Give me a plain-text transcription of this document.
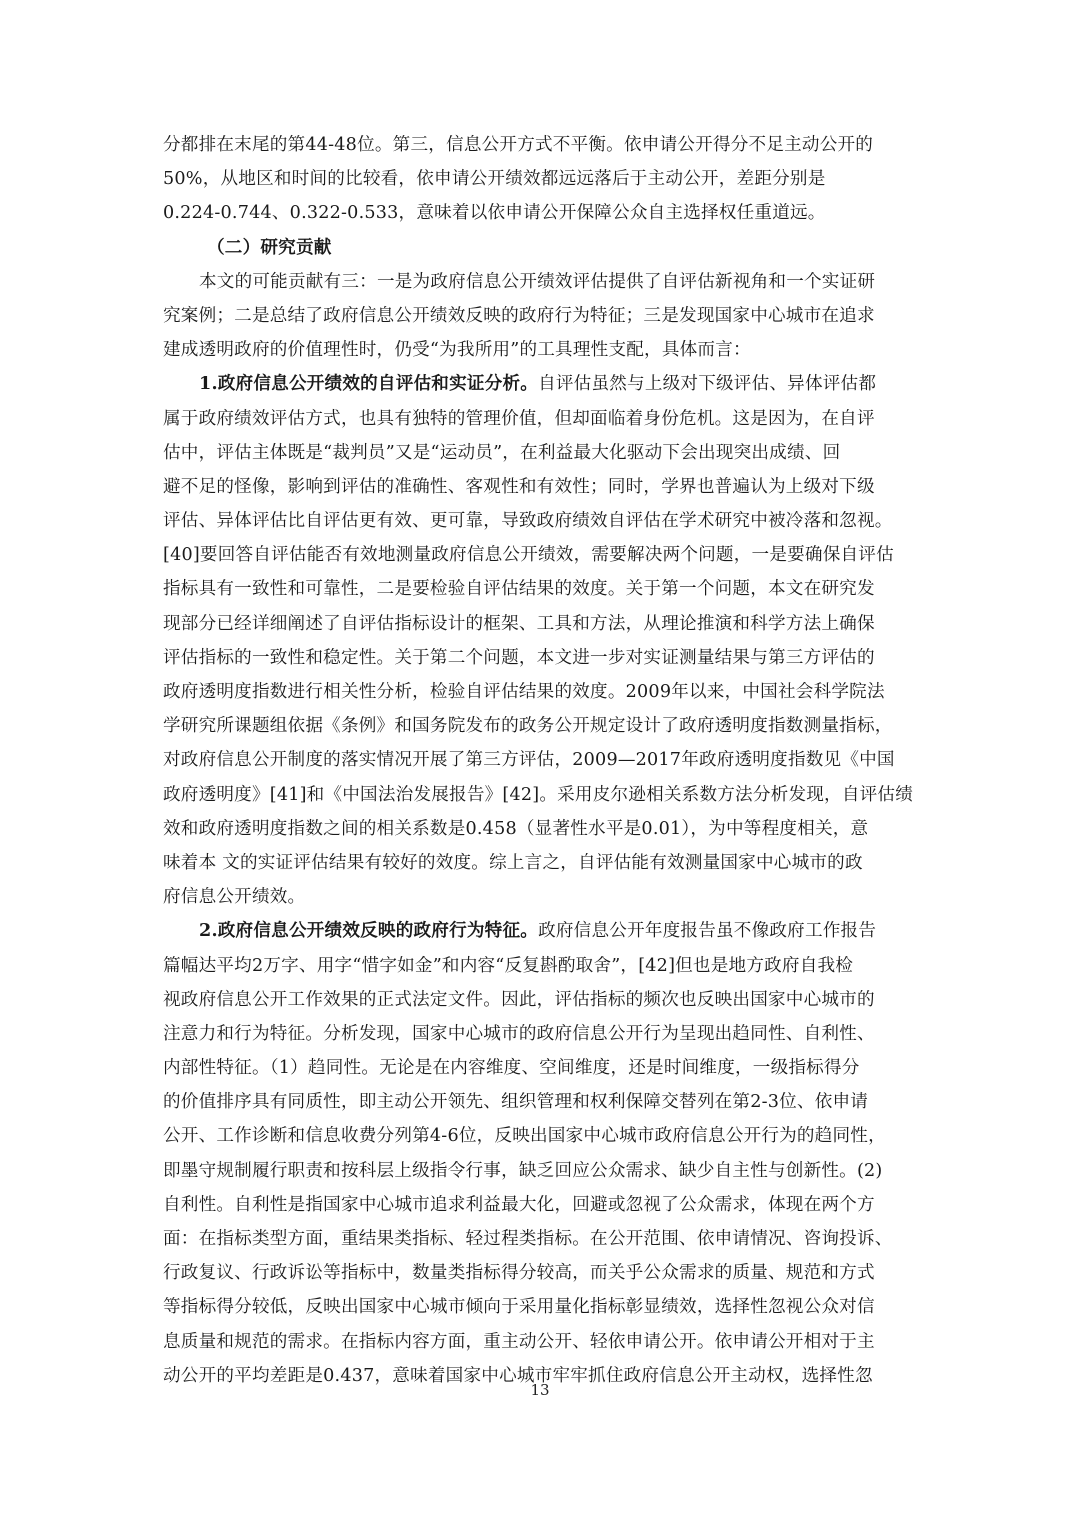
分都排在末尾的第44-48位。第三，信息公开方式不平衡。依申请公开得分不足主动公开的
50%，从地区和时间的比较看，依申请公开绩效都远远落后于主动公开，差距分别是
0.224-0.744、0.322-0.533，意味着以依申请公开保障公众自主选择权任重道远。
（二）研究贡献
本文的可能贡献有三：一是为政府信息公开绩效评估提供了自评估新视角和一个实证研
究案例；二是总结了政府信息公开绩效反映的政府行为特征；三是发现国家中心城市在追求
建成透明政府的价值理性时，仍受“为我所用”的工具理性支配，具体而言：
1.政府信息公开绩效的自评估和实证分析。自评估虽然与上级对下级评估、异体评估都
属于政府绩效评估方式，也具有独特的管理价值，但却面临着身份危机。这是因为，在自评
估中，评估主体既是“裁判员”又是“运动员”，在利益最大化驱动下会出现突出成绩、回
避不足的怪像，影响到评估的准确性、客观性和有效性；同时，学界也普遍认为上级对下级
评估、异体评估比自评估更有效、更可靠，导致政府绩效自评估在学术研究中被冷落和忽视。
[40]要回答自评估能否有效地测量政府信息公开绩效，需要解决两个问题，一是要确保自评估
指标具有一致性和可靠性，二是要检验自评估结果的效度。关于第一个问题，本文在研究发
现部分已经详细阐述了自评估指标设计的框架、工具和方法，从理论推演和科学方法上确保
评估指标的一致性和稳定性。关于第二个问题，本文进一步对实证测量结果与第三方评估的
政府透明度指数进行相关性分析，检验自评估结果的效度。2009年以来，中国社会科学院法
学研究所课题组依据《条例》和国务院发布的政务公开规定设计了政府透明度指数测量指标，
对政府信息公开制度的落实情况开展了第三方评估，2009—2017年政府透明度指数见《中国
政府透明度》[41]和《中国法治发展报告》[42]。采用皮尔逊相关系数方法分析发现，自评估绩
效和政府透明度指数之间的相关系数是0.458（显著性水平是0.01），为中等程度相关，意
味着本 文的实证评估结果有较好的效度。综上言之，自评估能有效测量国家中心城市的政
府信息公开绩效。
2.政府信息公开绩效反映的政府行为特征。政府信息公开年度报告虽不像政府工作报告
篇幅达平均2万字、用字“惜字如金”和内容“反复斟酌取舍”，[42]但也是地方政府自我检
视政府信息公开工作效果的正式法定文件。因此，评估指标的频次也反映出国家中心城市的
注意力和行为特征。分析发现，国家中心城市的政府信息公开行为呈现出趋同性、自利性、
内部性特征。（1）趋同性。无论是在内容维度、空间维度，还是时间维度，一级指标得分
的价值排序具有同质性，即主动公开领先、组织管理和权利保障交替列在第2-3位、依申请
公开、工作诊断和信息收费分列第4-6位，反映出国家中心城市政府信息公开行为的趋同性，
即墨守规制履行职责和按科层上级指令行事，缺乏回应公众需求、缺少自主性与创新性。(2)
自利性。自利性是指国家中心城市追求利益最大化，回避或忽视了公众需求，体现在两个方
面：在指标类型方面，重结果类指标、轻过程类指标。在公开范围、依申请情况、咨询投诉、
行政复议、行政诉讼等指标中，数量类指标得分较高，而关乎公众需求的质量、规范和方式
等指标得分较低，反映出国家中心城市倾向于采用量化指标彰显绩效，选择性忽视公众对信
息质量和规范的需求。在指标内容方面，重主动公开、轻依申请公开。依申请公开相对于主
动公开的平均差距是0.437，意味着国家中心城市牢牢抓住政府信息公开主动权，选择性忽
13
